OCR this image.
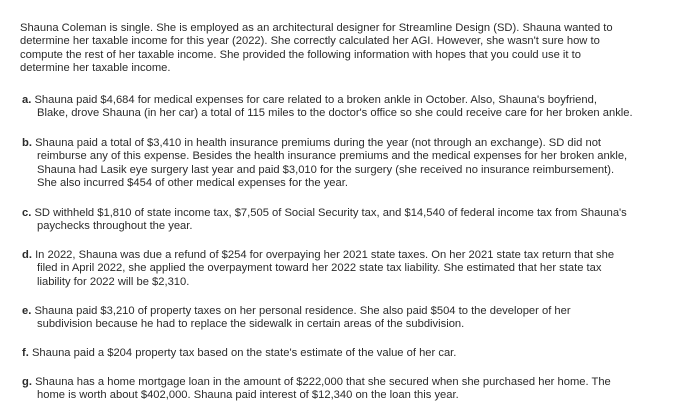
Shauna Coleman is single. She is employed as an architectural designer for Streamline Design (SD). Shauna wanted to
determine her taxable income for this year (2022). She correctly calculated her AGI. However, she wasn't sure how to
compute the rest of her taxable income. She provided the following information with hopes that you could use it to
determine her taxable income.
a. Shauna paid $4,684 for medical expenses for care related to a broken ankle in October. Also, Shauna's boyfriend,
Blake, drove Shauna (in her car) a total of 115 miles to the doctor's office so she could receive care for her broken ankle.
b. Shauna paid a total of $3,410 in health insurance premiums during the year (not through an exchange). SD did not
reimburse any of this expense. Besides the health insurance premiums and the medical expenses for her broken ankle,
Shauna had Lasik eye surgery last year and paid $3,010 for the surgery (she received no insurance reimbursement).
She also incurred $454 of other medical expenses for the year.
c. SD withheld $1,810 of state income tax, $7,505 of Social Security tax, and $14,540 of federal income tax from Shauna's
paychecks throughout the year.
d. In 2022, Shauna was due a refund of $254 for overpaying her 2021 state taxes. On her 2021 state tax return that she
filed in April 2022, she applied the overpayment toward her 2022 state tax liability. She estimated that her state tax
liability for 2022 will be $2,310.
e. Shauna paid $3,210 of property taxes on her personal residence. She also paid $504 to the developer of her
subdivision because he had to replace the sidewalk in certain areas of the subdivision.
f. Shauna paid a $204 property tax based on the state's estimate of the value of her car.
g. Shauna has a home mortgage loan in the amount of $222,000 that she secured when she purchased her home. The
home is worth about $402,000. Shauna paid interest of $12,340 on the loan this year.
